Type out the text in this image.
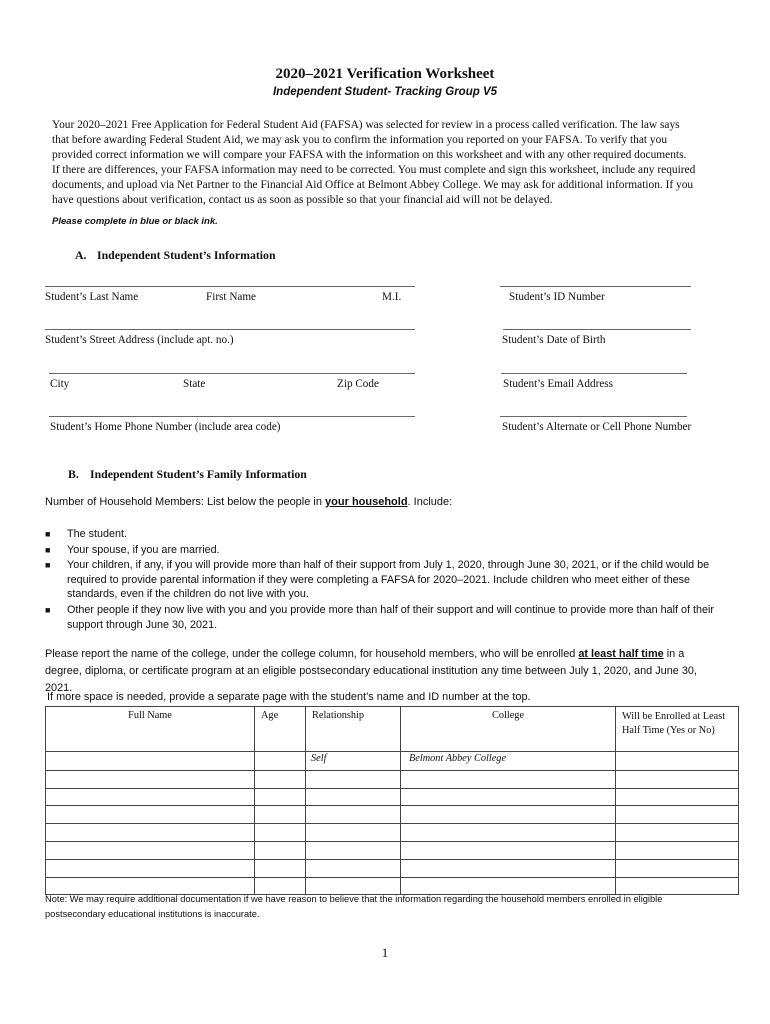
2020–2021 Verification Worksheet
Independent Student- Tracking Group V5
Your 2020–2021 Free Application for Federal Student Aid (FAFSA) was selected for review in a process called verification. The law says
that before awarding Federal Student Aid, we may ask you to confirm the information you reported on your FAFSA. To verify that you
provided correct information we will compare your FAFSA with the information on this worksheet and with any other required documents.
If there are differences, your FAFSA information may need to be corrected. You must complete and sign this worksheet, include any required
documents, and upload via Net Partner to the Financial Aid Office at Belmont Abbey College. We may ask for additional information. If you
have questions about verification, contact us as soon as possible so that your financial aid will not be delayed.
Please complete in blue or black ink.
A. Independent Student’s Information
Student’s Last Name	First Name	M.I.	Student’s ID Number
Student’s Street Address (include apt. no.)	Student’s Date of Birth
City	State	Zip Code	Student’s Email Address
Student’s Home Phone Number (include area code)	Student’s Alternate or Cell Phone Number
B. Independent Student’s Family Information
Number of Household Members: List below the people in your household. Include:
■ The student.
■ Your spouse, if you are married.
■ Your children, if any, if you will provide more than half of their support from July 1, 2020, through June 30, 2021, or if the child would be required to provide parental information if they were completing a FAFSA for 2020–2021. Include children who meet either of these standards, even if the children do not live with you.
■ Other people if they now live with you and you provide more than half of their support and will continue to provide more than half of their support through June 30, 2021.
Please report the name of the college, under the college column, for household members, who will be enrolled at least half time in a degree, diploma, or certificate program at an eligible postsecondary educational institution any time between July 1, 2020, and June 30, 2021.
If more space is needed, provide a separate page with the student’s name and ID number at the top.
Full Name	Age	Relationship	College	Will be Enrolled at Least Half Time (Yes or No)
		Self	Belmont Abbey College	

Note: We may require additional documentation if we have reason to believe that the information regarding the household members enrolled in eligible
postsecondary educational institutions is inaccurate.
1
